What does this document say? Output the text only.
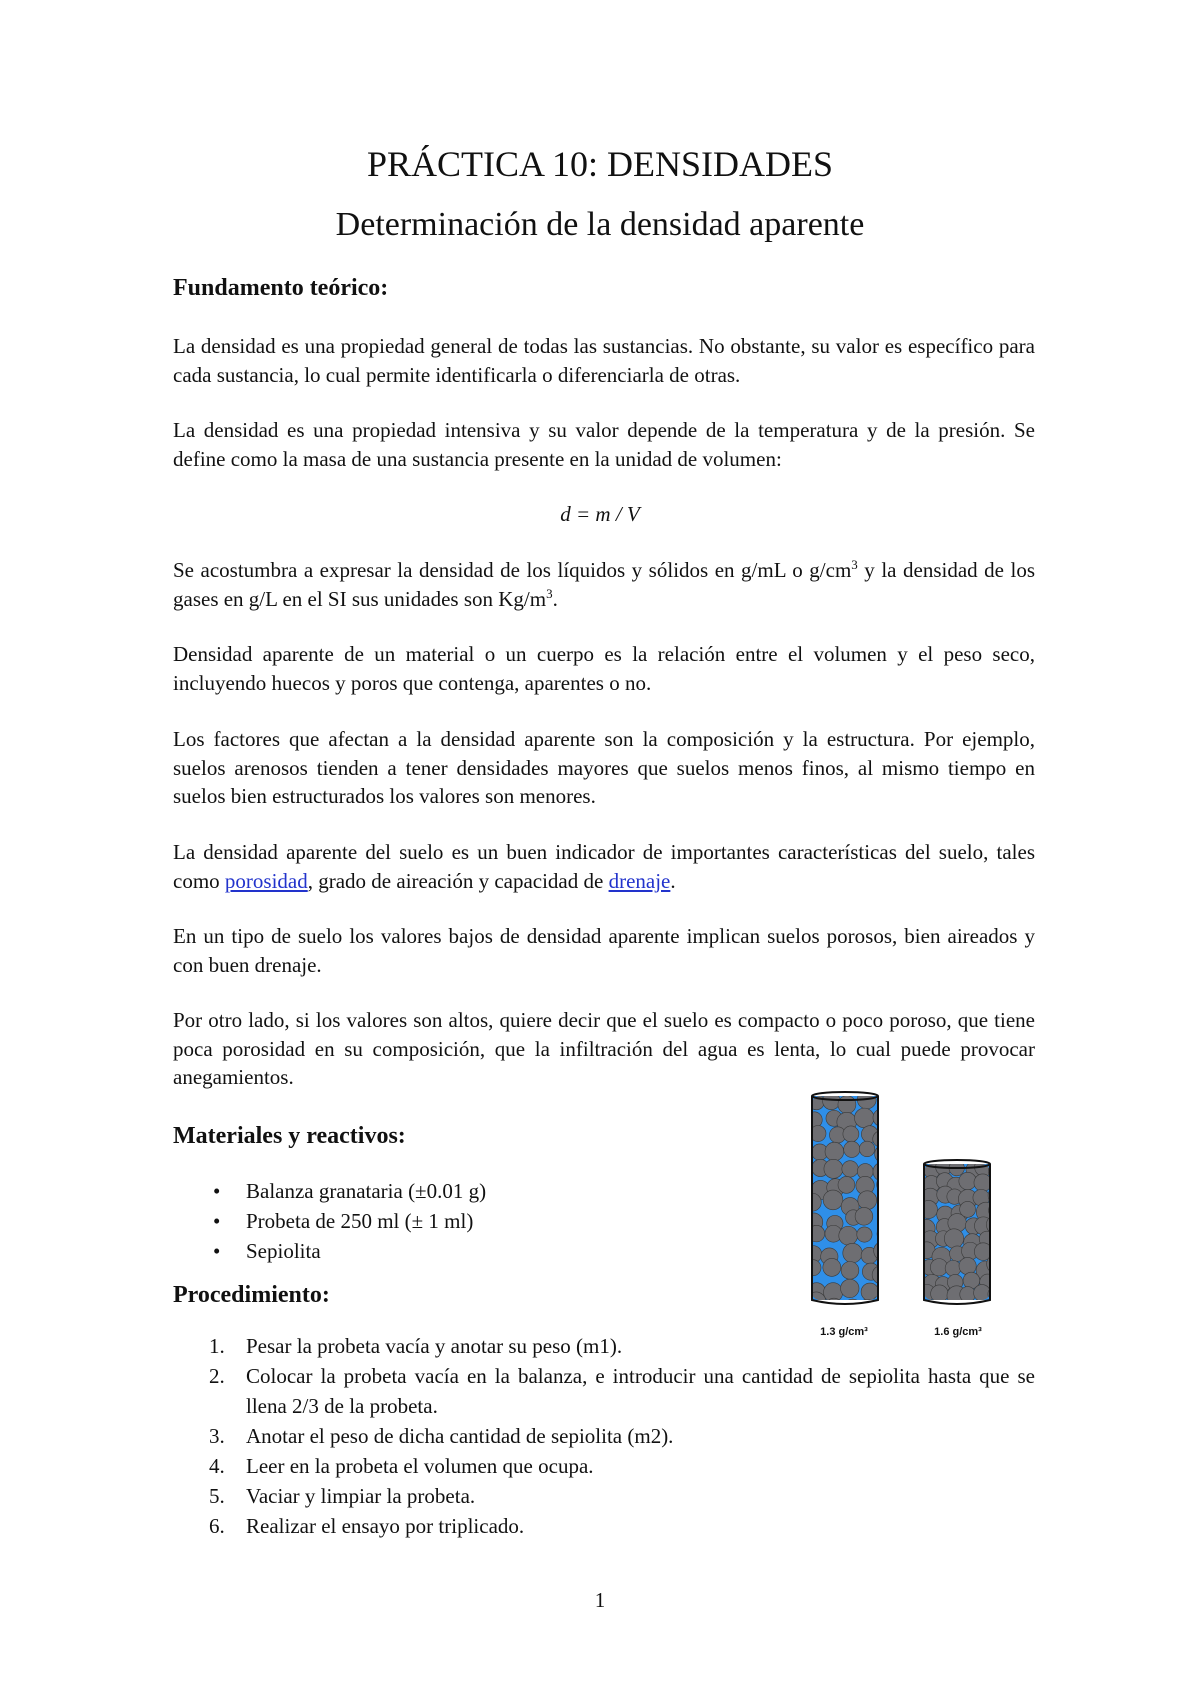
PRÁCTICA 10: DENSIDADES
Determinación de la densidad aparente
Fundamento teórico:

La densidad es una propiedad general de todas las sustancias. No obstante, su valor es específico para cada sustancia, lo cual permite identificarla o diferenciarla de otras.

La densidad es una propiedad intensiva y su valor depende de la temperatura y de la presión. Se define como la masa de una sustancia presente en la unidad de volumen:

d = m / V

Se acostumbra a expresar la densidad de los líquidos y sólidos en g/mL o $g/cm^3$ y la densidad de los gases en g/L en el SI sus unidades son $Kg/m^3$.

Densidad aparente de un material o un cuerpo es la relación entre el volumen y el peso seco, incluyendo huecos y poros que contenga, aparentes o no.

Los factores que afectan a la densidad aparente son la composición y la estructura. Por ejemplo, suelos arenosos tienden a tener densidades mayores que suelos menos finos, al mismo tiempo en suelos bien estructurados los valores son menores.

La densidad aparente del suelo es un buen indicador de importantes características del suelo, tales como porosidad, grado de aireación y capacidad de drenaje.

En un tipo de suelo los valores bajos de densidad aparente implican suelos porosos, bien aireados y con buen drenaje.

Por otro lado, si los valores son altos, quiere decir que el suelo es compacto o poco poroso, que tiene poca porosidad en su composición, que la infiltración del agua es lenta, lo cual puede provocar anegamientos.

Materiales y reactivos:
• Balanza granataria (±0.01 g)
• Probeta de 250 ml (± 1 ml)
• Sepiolita
Procedimiento:
1. Pesar la probeta vacía y anotar su peso (m1).
2. Colocar la probeta vacía en la balanza, e introducir una cantidad de sepiolita hasta que se llena 2/3 de la probeta.
3. Anotar el peso de dicha cantidad de sepiolita (m2).
4. Leer en la probeta el volumen que ocupa.
5. Vaciar y limpiar la probeta.
6. Realizar el ensayo por triplicado.
1.3 g/cm³	1.6 g/cm³
1
